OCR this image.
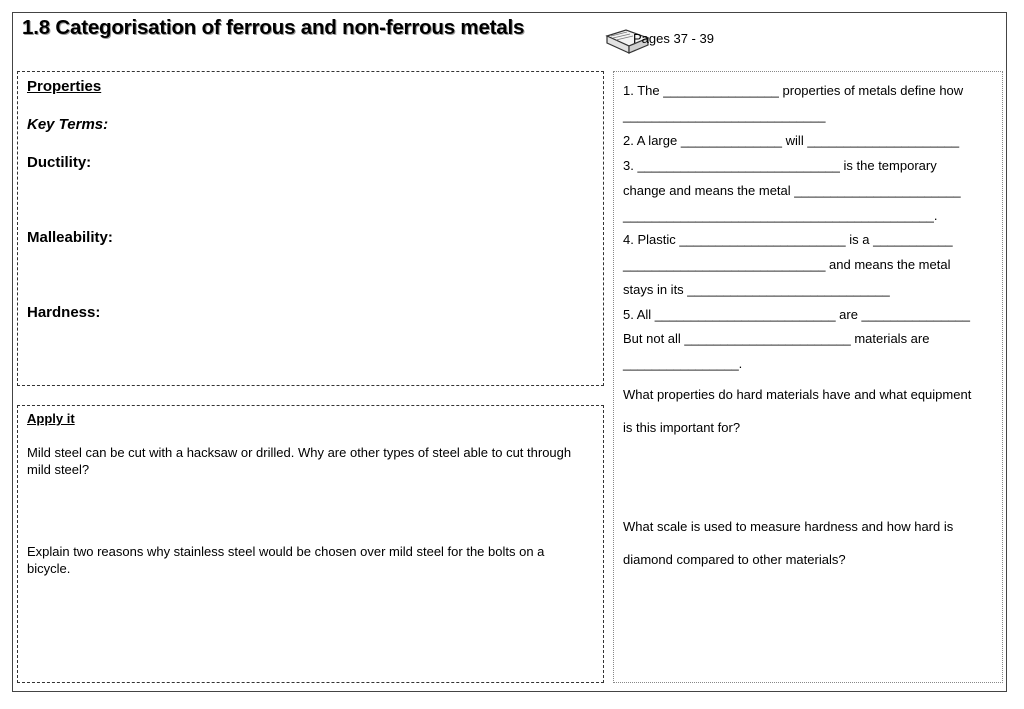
1.8 Categorisation of ferrous and non-ferrous metals	Pages 37 - 39
Properties
Key Terms:
Ductility:
Malleability:
Hardness:
Apply it
Mild steel can be cut with a hacksaw or drilled. Why are other types of steel able to cut through mild steel?
Explain two reasons why stainless steel would be chosen over mild steel for the bolts on a bicycle.
1. The ________________ properties of metals define how
____________________________
2. A large ______________ will _____________________
3. ____________________________ is the temporary
change and means the metal _______________________
___________________________________________.
4. Plastic _______________________ is a ___________
____________________________ and means the metal
stays in its ____________________________
5. All _________________________ are _______________
But not all _______________________ materials are
________________.
What properties do hard materials have and what equipment
is this important for?
What scale is used to measure hardness and how hard is
diamond compared to other materials?
